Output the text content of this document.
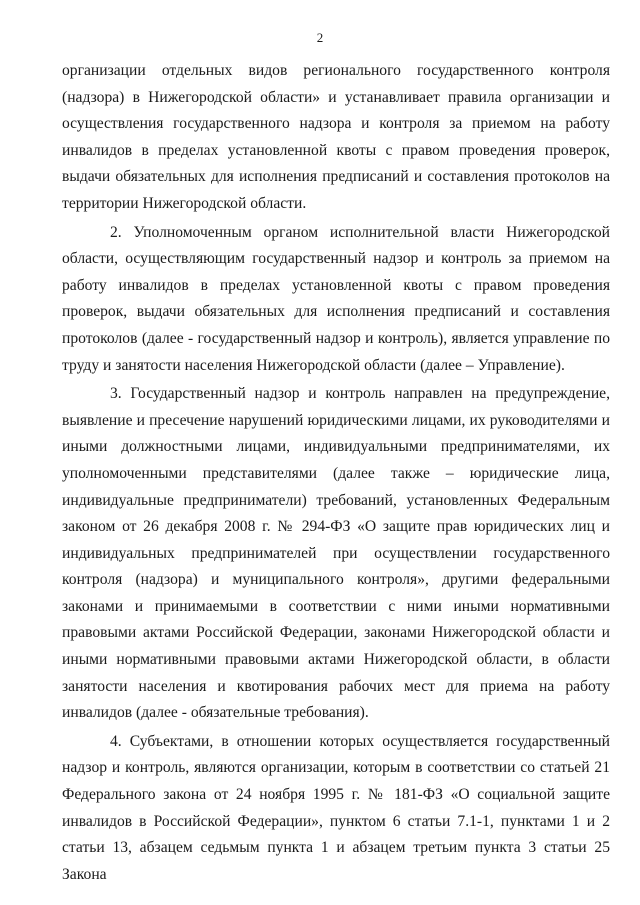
2

организации отдельных видов регионального государственного контроля (надзора) в Нижегородской области» и устанавливает правила организации и осуществления государственного надзора и контроля за приемом на работу инвалидов в пределах установленной квоты с правом проведения проверок, выдачи обязательных для исполнения предписаний и составления протоколов на территории Нижегородской области.

2. Уполномоченным органом исполнительной власти Нижегородской области, осуществляющим государственный надзор и контроль за приемом на работу инвалидов в пределах установленной квоты с правом проведения проверок, выдачи обязательных для исполнения предписаний и составления протоколов (далее - государственный надзор и контроль), является управление по труду и занятости населения Нижегородской области (далее – Управление).

3. Государственный надзор и контроль направлен на предупреждение, выявление и пресечение нарушений юридическими лицами, их руководителями и иными должностными лицами, индивидуальными предпринимателями, их уполномоченными представителями (далее также – юридические лица, индивидуальные предприниматели) требований, установленных Федеральным законом от 26 декабря 2008 г. № 294-ФЗ «О защите прав юридических лиц и индивидуальных предпринимателей при осуществлении государственного контроля (надзора) и муниципального контроля», другими федеральными законами и принимаемыми в соответствии с ними иными нормативными правовыми актами Российской Федерации, законами Нижегородской области и иными нормативными правовыми актами Нижегородской области, в области занятости населения и квотирования рабочих мест для приема на работу инвалидов (далее - обязательные требования).

4. Субъектами, в отношении которых осуществляется государственный надзор и контроль, являются организации, которым в соответствии со статьей 21 Федерального закона от 24 ноября 1995 г. № 181-ФЗ «О социальной защите инвалидов в Российской Федерации», пунктом 6 статьи 7.1-1, пунктами 1 и 2 статьи 13, абзацем седьмым пункта 1 и абзацем третьим пункта 3 статьи 25 Закона
